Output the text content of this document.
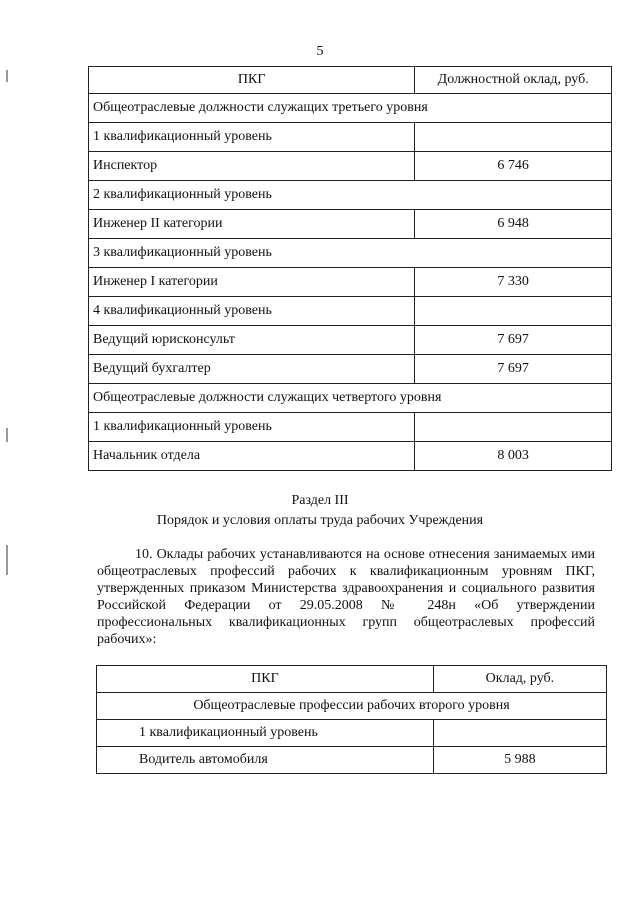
5
ПКГ	Должностной оклад, руб.
Общеотраслевые должности служащих третьего уровня	
1 квалификационный уровень	
Инспектор	6 746
2 квалификационный уровень	
Инженер II категории	6 948
3 квалификационный уровень	
Инженер I категории	7 330
4 квалификационный уровень	
Ведущий юрисконсульт	7 697
Ведущий бухгалтер	7 697
Общеотраслевые должности служащих четвертого уровня	
1 квалификационный уровень	
Начальник отдела	8 003
Раздел III
Порядок и условия оплаты труда рабочих Учреждения
10. Оклады рабочих устанавливаются на основе отнесения занимаемых ими общеотраслевых профессий рабочих к квалификационным уровням ПКГ, утвержденных приказом Министерства здравоохранения и социального развития Российской Федерации от 29.05.2008 № 248н «Об утверждении профессиональных квалификационных групп общеотраслевых профессий рабочих»:
ПКГ	Оклад, руб.
Общеотраслевые профессии рабочих второго уровня	
1 квалификационный уровень	
Водитель автомобиля	5 988
